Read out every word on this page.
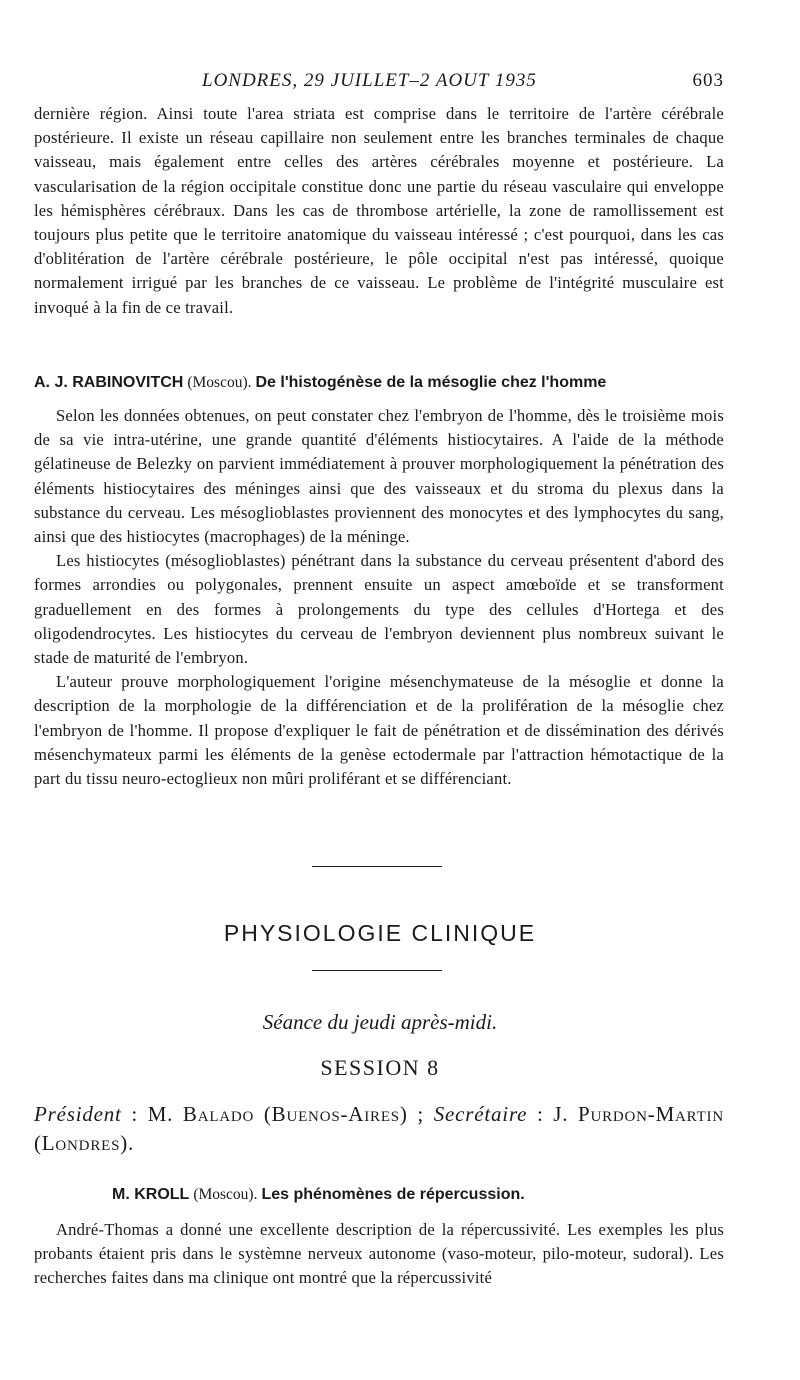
LONDRES, 29 JUILLET–2 AOUT 1935	603

dernière région. Ainsi toute l'area striata est comprise dans le territoire de l'artère cérébrale postérieure. Il existe un réseau capillaire non seulement entre les branches terminales de chaque vaisseau, mais également entre celles des artères cérébrales moyenne et postérieure. La vascularisation de la région occipitale constitue donc une partie du réseau vasculaire qui enveloppe les hémisphères cérébraux. Dans les cas de thrombose artérielle, la zone de ramollissement est toujours plus petite que le territoire anatomique du vaisseau intéressé ; c'est pourquoi, dans les cas d'oblitération de l'artère cérébrale postérieure, le pôle occipital n'est pas intéressé, quoique normalement irrigué par les branches de ce vaisseau. Le problème de l'intégrité musculaire est invoqué à la fin de ce travail.

A. J. RABINOVITCH (Moscou). De l'histogénèse de la mésoglie chez l'homme

Selon les données obtenues, on peut constater chez l'embryon de l'homme, dès le troisième mois de sa vie intra-utérine, une grande quantité d'éléments histiocytaires. A l'aide de la méthode gélatineuse de Belezky on parvient immédiatement à prouver morphologiquement la pénétration des éléments histiocytaires des méninges ainsi que des vaisseaux et du stroma du plexus dans la substance du cerveau. Les mésoglioblastes proviennent des monocytes et des lymphocytes du sang, ainsi que des histiocytes (macrophages) de la méninge.

Les histiocytes (mésoglioblastes) pénétrant dans la substance du cerveau présentent d'abord des formes arrondies ou polygonales, prennent ensuite un aspect amœboïde et se transforment graduellement en des formes à prolongements du type des cellules d'Hortega et des oligodendrocytes. Les histiocytes du cerveau de l'embryon deviennent plus nombreux suivant le stade de maturité de l'embryon.

L'auteur prouve morphologiquement l'origine mésenchymateuse de la mésoglie et donne la description de la morphologie de la différenciation et de la prolifération de la mésoglie chez l'embryon de l'homme. Il propose d'expliquer le fait de pénétration et de dissémination des dérivés mésenchymateux parmi les éléments de la genèse ectodermale par l'attraction hémotactique de la part du tissu neuro-ectoglieux non mûri proliférant et se différenciant.

PHYSIOLOGIE CLINIQUE
Séance du jeudi après-midi.
SESSION 8
Président : M. Balado (Buenos-Aires) ; Secrétaire : J. Purdon-Martin (Londres).
M. KROLL (Moscou). Les phénomènes de répercussion.

André-Thomas a donné une excellente description de la répercussivité. Les exemples les plus probants étaient pris dans le systèmne nerveux autonome (vaso-moteur, pilo-moteur, sudoral). Les recherches faites dans ma clinique ont montré que la répercussivité
